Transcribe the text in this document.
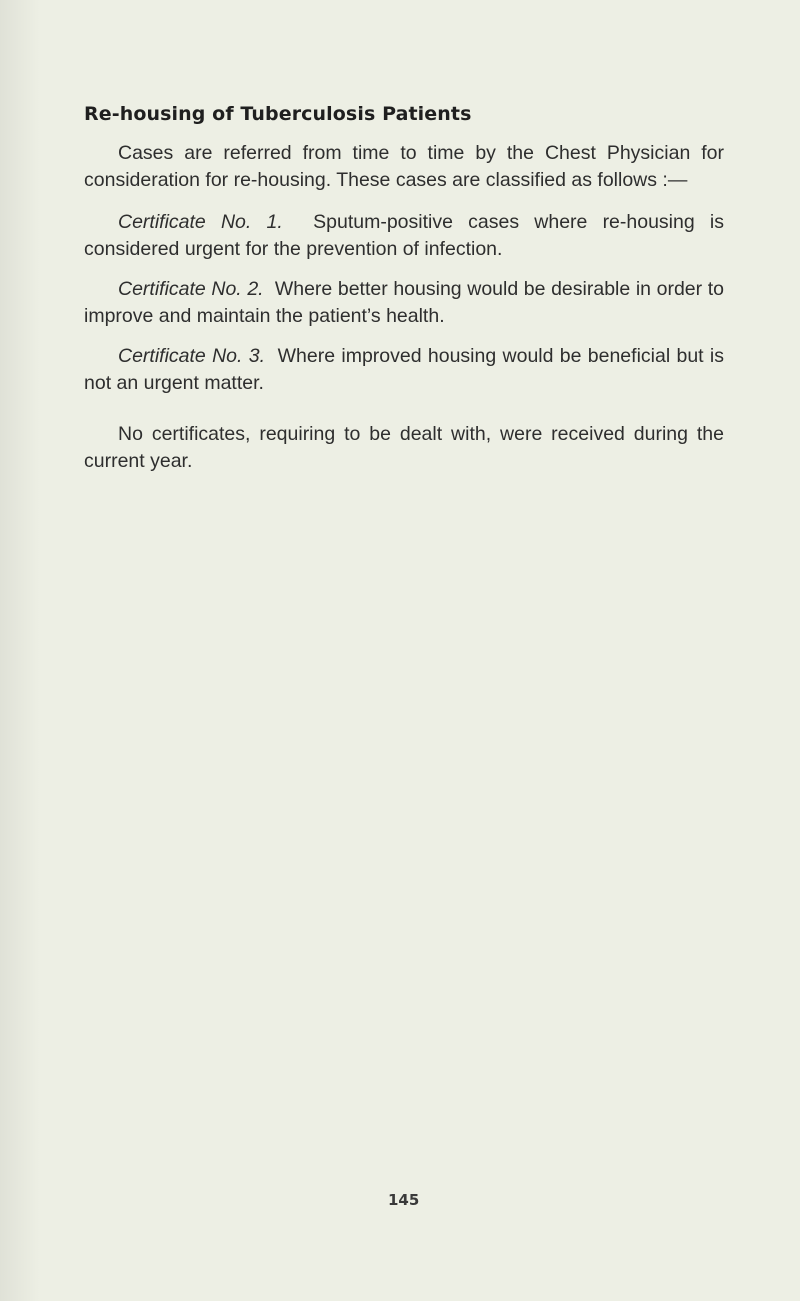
Re-housing of Tuberculosis Patients

Cases are referred from time to time by the Chest Physician for consideration for re-housing. These cases are classified as follows :—

Certificate No. 1. Sputum-positive cases where re-housing is considered urgent for the prevention of infection.

Certificate No. 2. Where better housing would be desirable in order to improve and maintain the patient’s health.

Certificate No. 3. Where improved housing would be beneficial but is not an urgent matter.

No certificates, requiring to be dealt with, were received during the current year.

145
